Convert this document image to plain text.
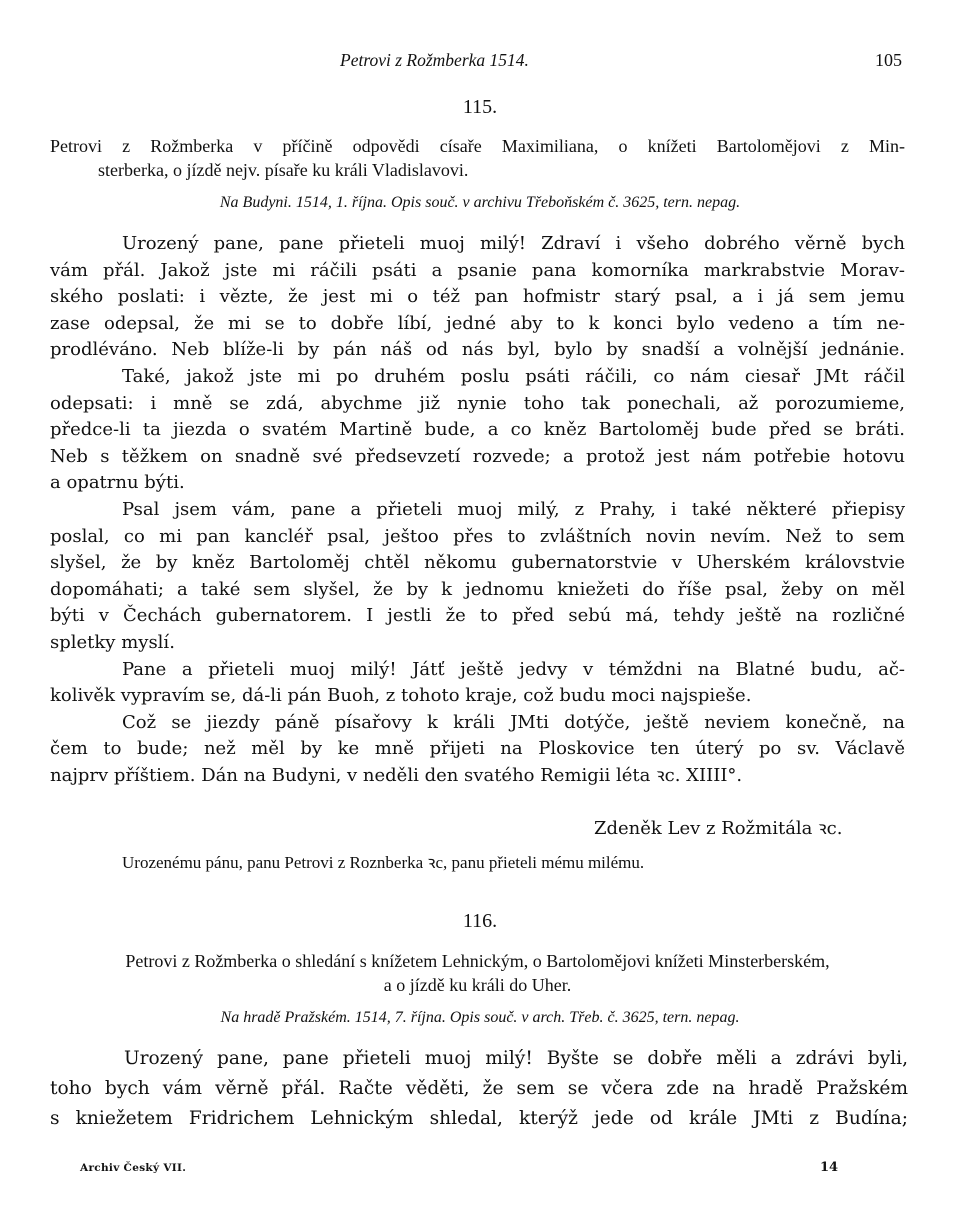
Petrovi z Rožmberka 1514.	105
115.
Petrovi z Rožmberka v příčině odpovědi císaře Maximiliana, o knížeti Bartolomějovi z Min-
sterberka, o jízdě nejv. písaře ku králi Vladislavovi.
Na Budyni. 1514, 1. října. Opis souč. v archivu Třeboňském č. 3625, tern. nepag.
Urozený pane, pane přieteli muoj milý! Zdraví i všeho dobrého věrně bych
vám přál. Jakož jste mi ráčili psáti a psanie pana komorníka markrabstvie Morav-
ského poslati: i vězte, že jest mi o též pan hofmistr starý psal, a i já sem jemu
zase odepsal, že mi se to dobře líbí, jedné aby to k konci bylo vedeno a tím ne-
prodléváno. Neb blíže-li by pán náš od nás byl, bylo by snadší a volnější jednánie.
Také, jakož jste mi po druhém poslu psáti ráčili, co nám ciesař JMt ráčil
odepsati: i mně se zdá, abychme již nynie toho tak ponechali, až porozumieme,
předce-li ta jiezda o svatém Martině bude, a co kněz Bartoloměj bude před se bráti.
Neb s těžkem on snadně své předsevzetí rozvede; a protož jest nám potřebie hotovu
a opatrnu býti.
Psal jsem vám, pane a přieteli muoj milý, z Prahy, i také některé přiepisy
poslal, co mi pan kancléř psal, ještoo přes to zvláštních novin nevím. Než to sem
slyšel, že by kněz Bartoloměj chtěl někomu gubernatorstvie v Uherském královstvie
dopomáhati; a také sem slyšel, že by k jednomu kniežeti do říše psal, žeby on měl
býti v Čechách gubernatorem. I jestli že to před sebú má, tehdy ještě na rozličné
spletky myslí.
Pane a přieteli muoj milý! Játť ještě jedvy v témždni na Blatné budu, ač-
kolivěk vypravím se, dá-li pán Buoh, z tohoto kraje, což budu moci najspieše.
Což se jiezdy páně písařovy k králi JMti dotýče, ještě neviem konečně, na
čem to bude; než měl by ke mně přijeti na Ploskovice ten úterý po sv. Václavě
najprv příštiem. Dán na Budyni, v neděli den svatého Remigii léta ꝛc. XIIII°.
Zdeněk Lev z Rožmitála ꝛc.
Urozenému pánu, panu Petrovi z Roznberka ꝛc, panu přieteli mému milému.
116.
Petrovi z Rožmberka o shledání s knížetem Lehnickým, o Bartolomějovi knížeti Minsterberském,
a o jízdě ku králi do Uher.
Na hradě Pražském. 1514, 7. října. Opis souč. v arch. Třeb. č. 3625, tern. nepag.
Urozený pane, pane přieteli muoj milý! Byšte se dobře měli a zdrávi byli,
toho bych vám věrně přál. Račte věděti, že sem se včera zde na hradě Pražském
s kniežetem Fridrichem Lehnickým shledal, kterýž jede od krále JMti z Budína;
Archiv Český VII.	14
